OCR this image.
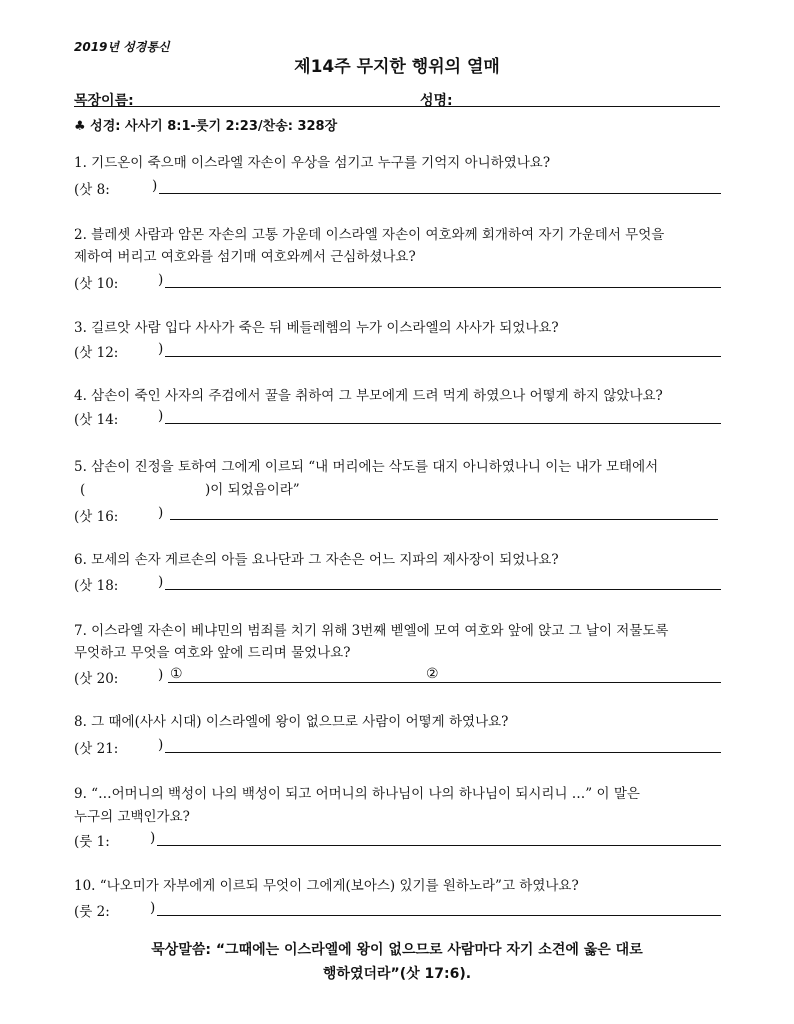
2019년 성경통신
제14주 무지한 행위의 열매
목장이름:	성명:
♣ 성경: 사사기 8:1-룻기 2:23/찬송: 328장
1. 기드온이 죽으매 이스라엘 자손이 우상을 섬기고 누구를 기억지 아니하였나요?
(삿 8:	)
2. 블레셋 사람과 암몬 자손의 고통 가운데 이스라엘 자손이 여호와께 회개하여 자기 가운데서 무엇을
제하여 버리고 여호와를 섬기매 여호와께서 근심하셨나요?
(삿 10:	)
3. 길르앗 사람 입다 사사가 죽은 뒤 베들레헴의 누가 이스라엘의 사사가 되었나요?
(삿 12:	)
4. 삼손이 죽인 사자의 주검에서 꿀을 취하여 그 부모에게 드려 먹게 하였으나 어떻게 하지 않았나요?
(삿 14:	)
5. 삼손이 진정을 토하여 그에게 이르되 “내 머리에는 삭도를 대지 아니하였나니 이는 내가 모태에서
(	)이 되었음이라”
(삿 16:	)
6. 모세의 손자 게르손의 아들 요나단과 그 자손은 어느 지파의 제사장이 되었나요?
(삿 18:	)
7. 이스라엘 자손이 베냐민의 범죄를 치기 위해 3번째 벧엘에 모여 여호와 앞에 앉고 그 날이 저물도록
무엇하고 무엇을 여호와 앞에 드리며 물었나요?
(삿 20:	) ①	②
8. 그 때에(사사 시대) 이스라엘에 왕이 없으므로 사람이 어떻게 하였나요?
(삿 21:	)
9. “…어머니의 백성이 나의 백성이 되고 어머니의 하나님이 나의 하나님이 되시리니 …” 이 말은
누구의 고백인가요?
(룻 1:	)
10. “나오미가 자부에게 이르되 무엇이 그에게(보아스) 있기를 원하노라”고 하였나요?
(룻 2:	)
묵상말씀: “그때에는 이스라엘에 왕이 없으므로 사람마다 자기 소견에 옳은 대로
행하였더라”(삿 17:6).
